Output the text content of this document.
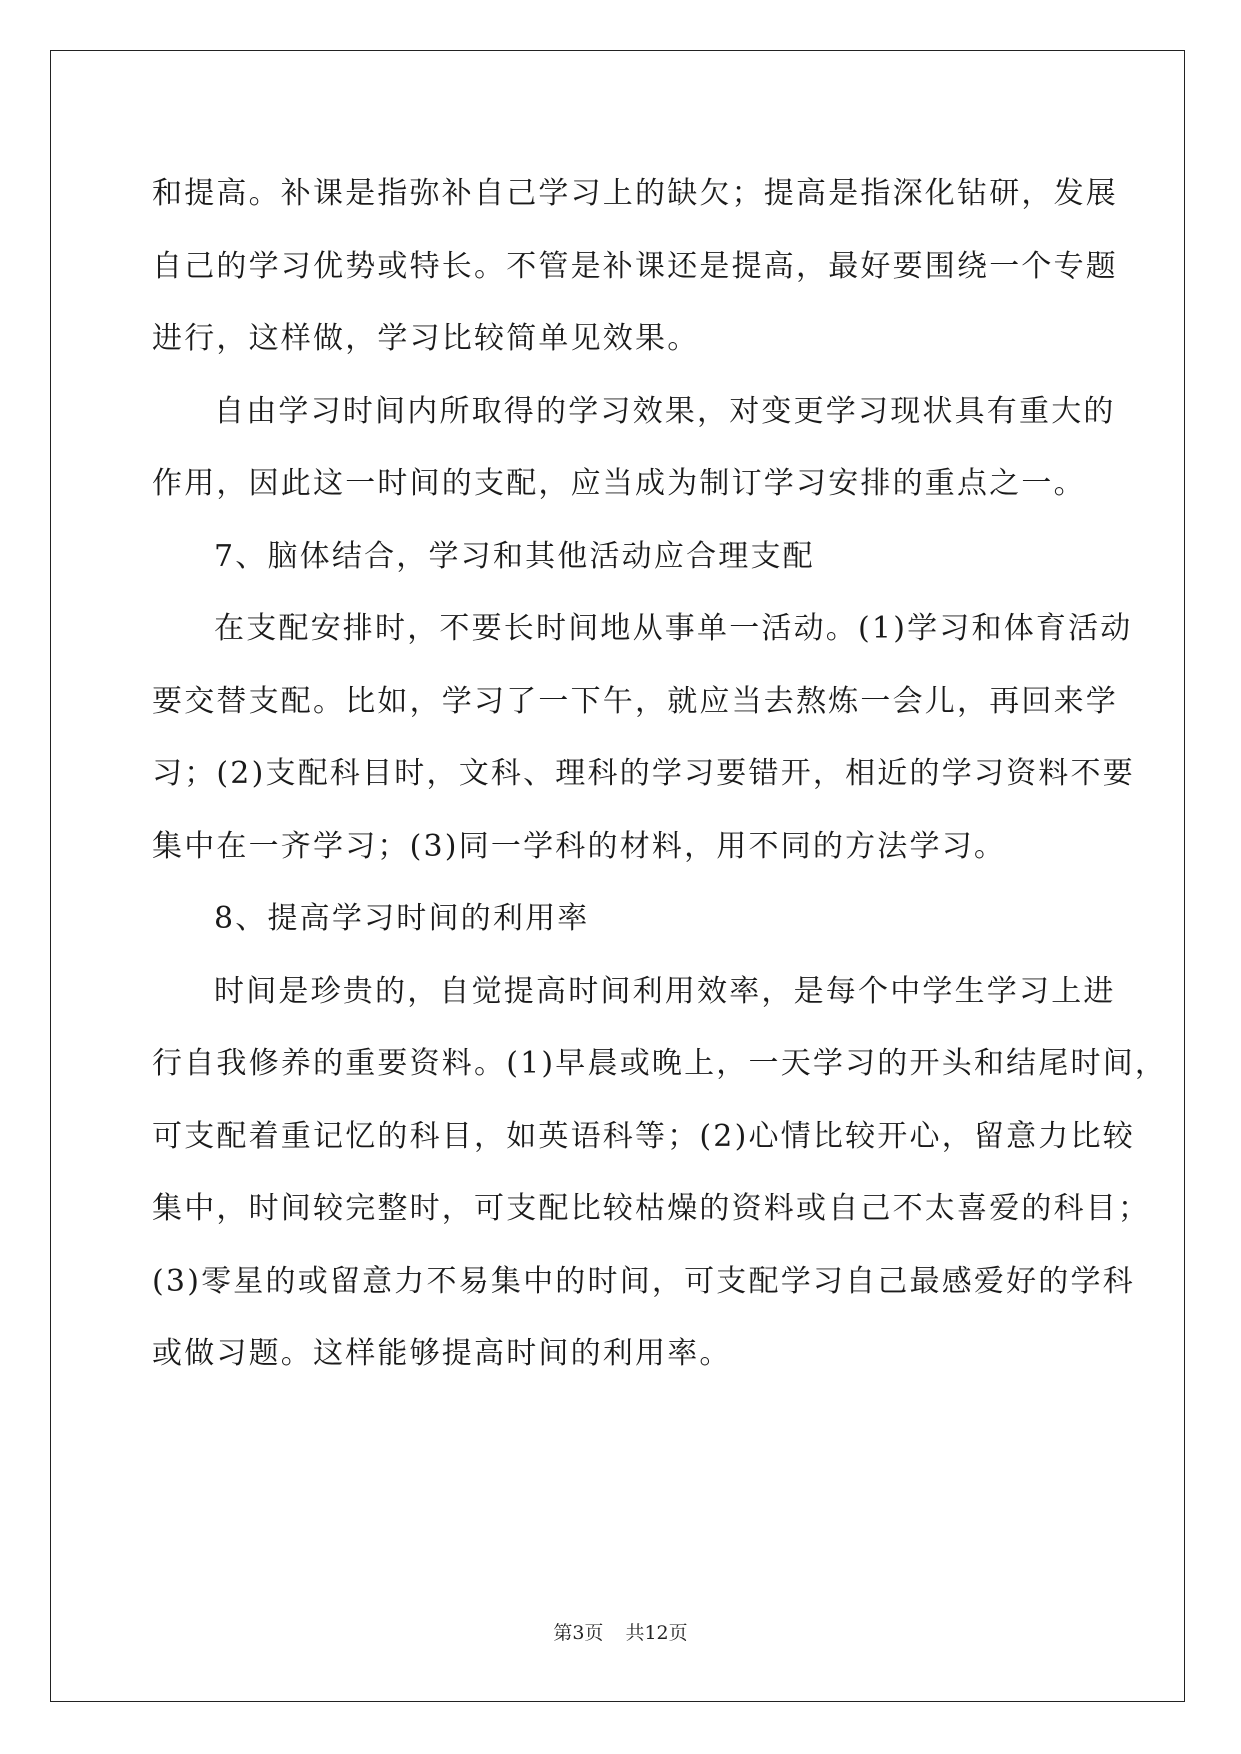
和提高。补课是指弥补自己学习上的缺欠；提高是指深化钻研，发展
自己的学习优势或特长。不管是补课还是提高，最好要围绕一个专题
进行，这样做，学习比较简单见效果。
自由学习时间内所取得的学习效果，对变更学习现状具有重大的
作用，因此这一时间的支配，应当成为制订学习安排的重点之一。
7、脑体结合，学习和其他活动应合理支配
在支配安排时，不要长时间地从事单一活动。(1)学习和体育活动
要交替支配。比如，学习了一下午，就应当去熬炼一会儿，再回来学
习；(2)支配科目时，文科、理科的学习要错开，相近的学习资料不要
集中在一齐学习；(3)同一学科的材料，用不同的方法学习。
8、提高学习时间的利用率
时间是珍贵的，自觉提高时间利用效率，是每个中学生学习上进
行自我修养的重要资料。(1)早晨或晚上，一天学习的开头和结尾时间，
可支配着重记忆的科目，如英语科等；(2)心情比较开心，留意力比较
集中，时间较完整时，可支配比较枯燥的资料或自己不太喜爱的科目；
(3)零星的或留意力不易集中的时间，可支配学习自己最感爱好的学科
或做习题。这样能够提高时间的利用率。
第3页 共12页
